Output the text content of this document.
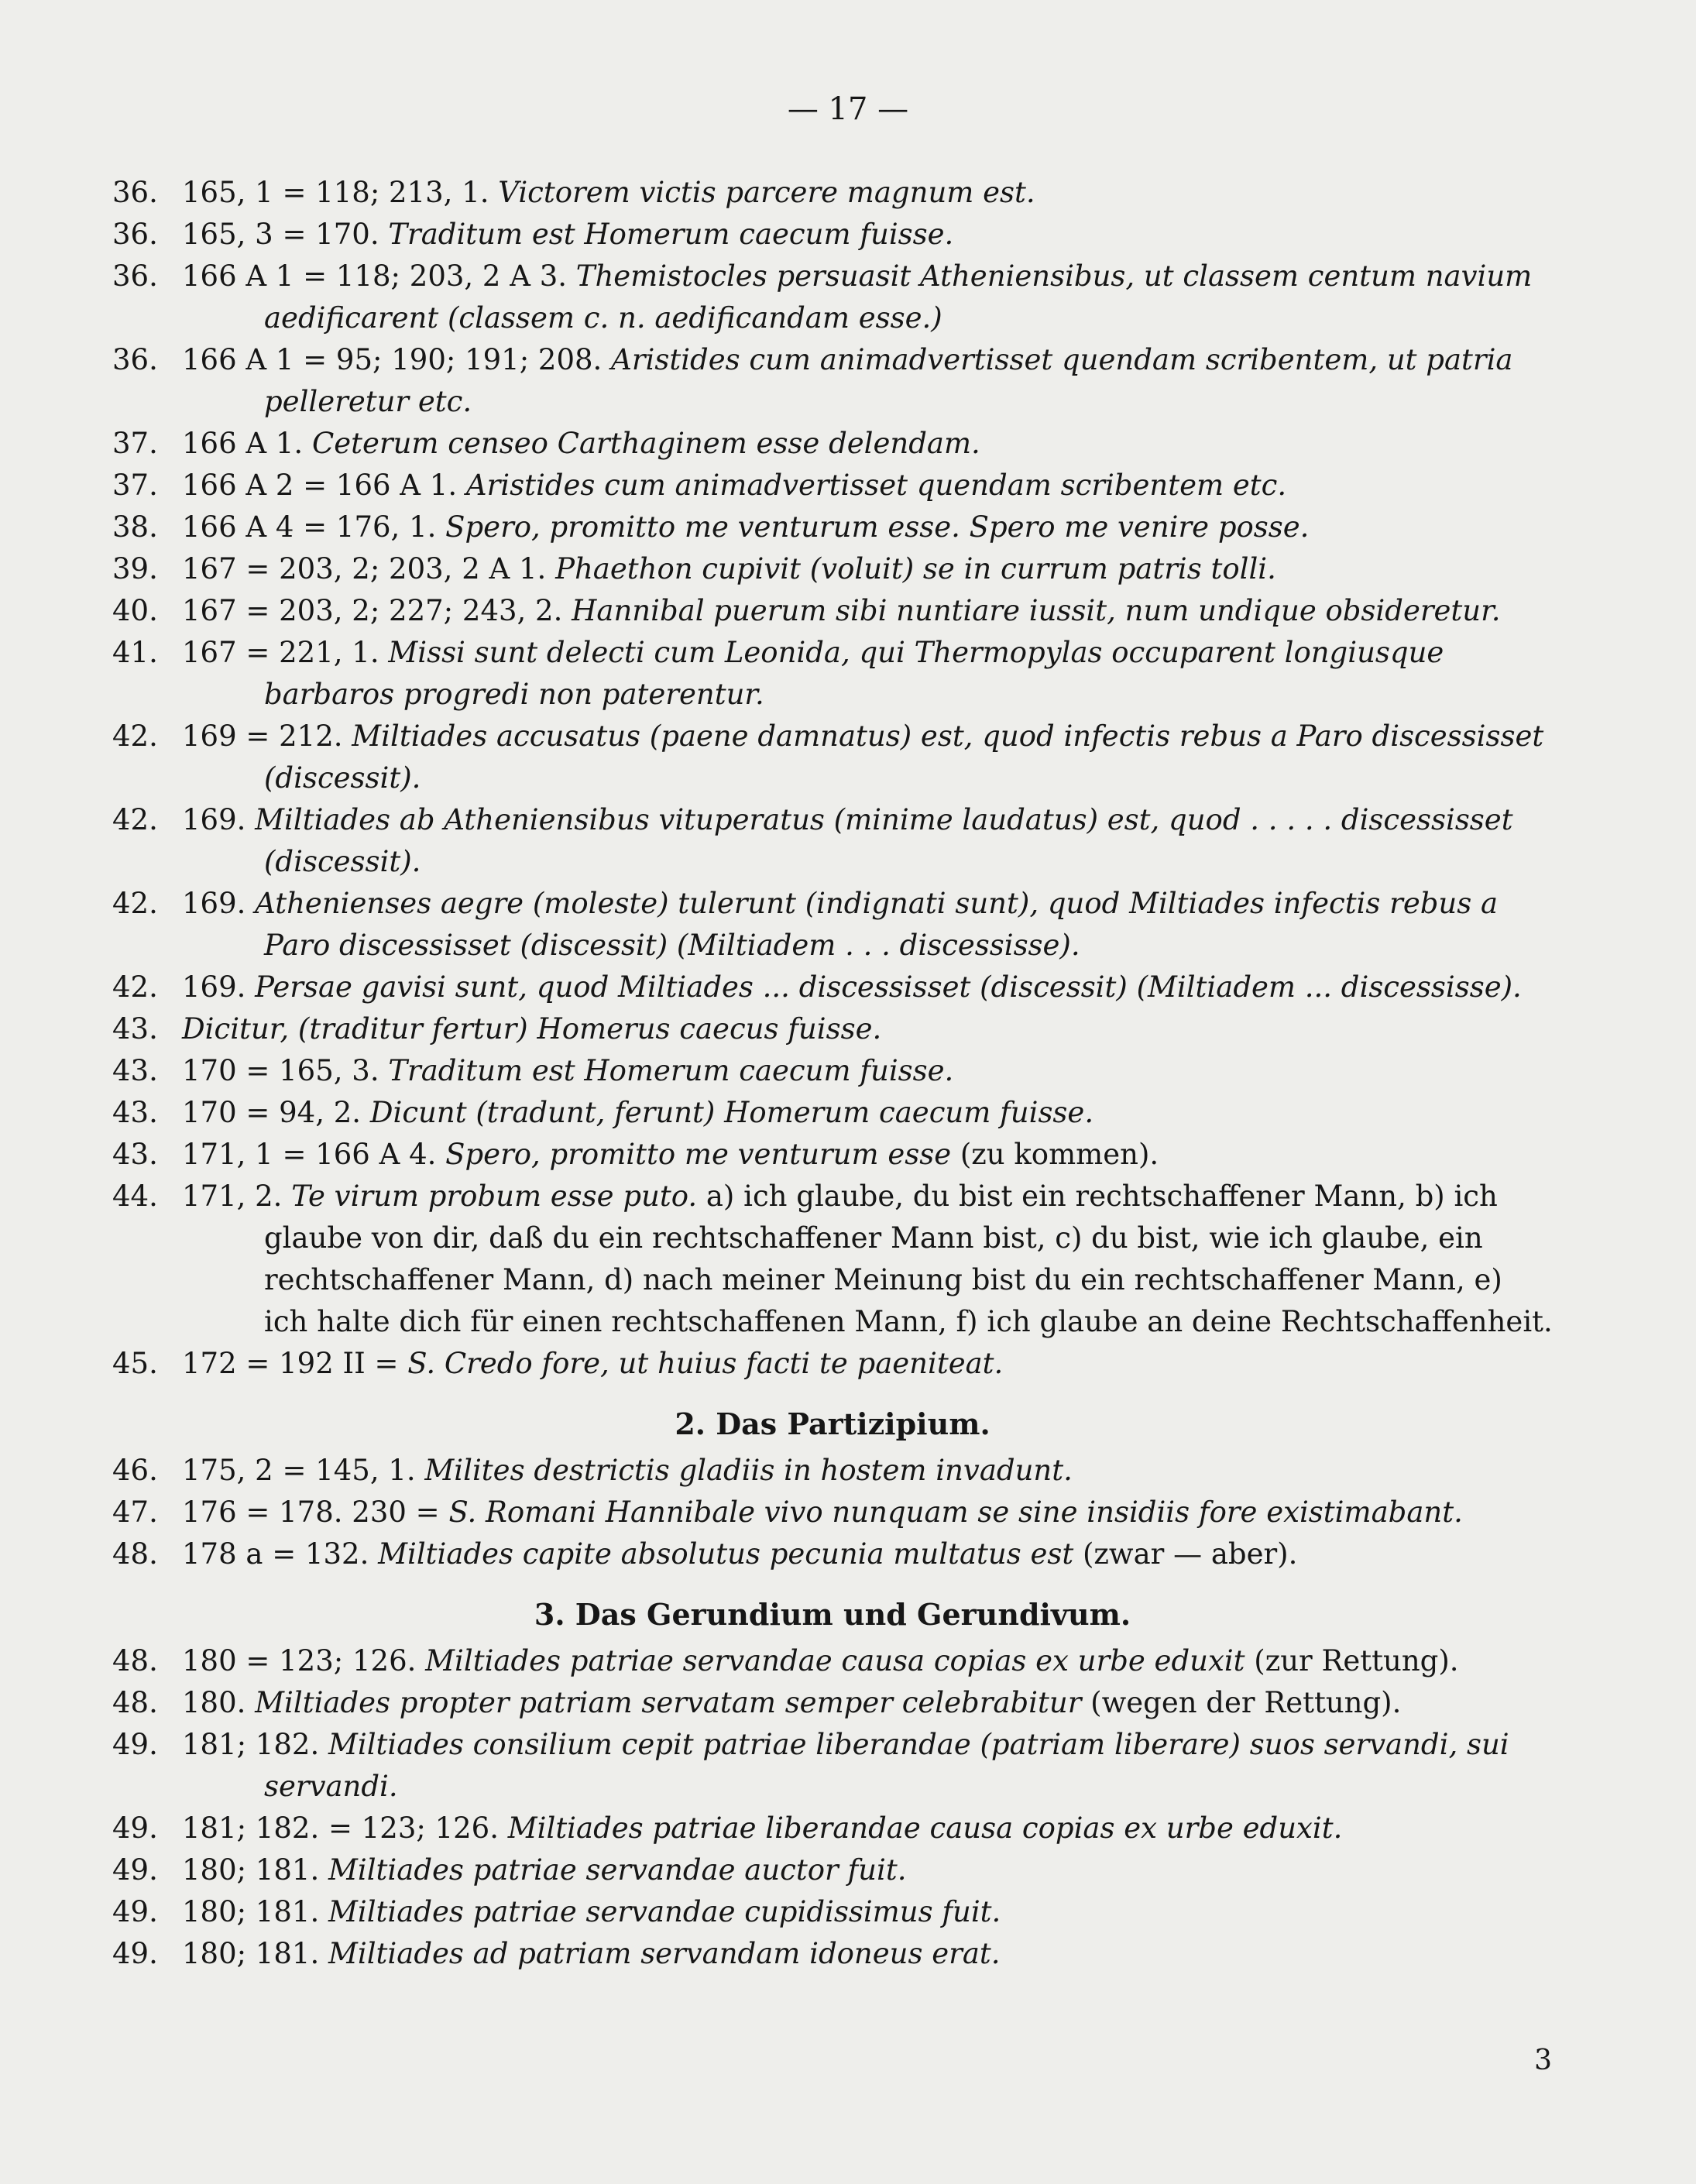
— 17 —
36. 165, 1 = 118; 213, 1. Victorem victis parcere magnum est.
36. 165, 3 = 170. Traditum est Homerum caecum fuisse.
36. 166 A 1 = 118; 203, 2 A 3. Themistocles persuasit Atheniensibus, ut classem centum navium aedificarent (classem c. n. aedificandam esse.)
36. 166 A 1 = 95; 190; 191; 208. Aristides cum animadvertisset quendam scribentem, ut patria pelleretur etc.
37. 166 A 1. Ceterum censeo Carthaginem esse delendam.
37. 166 A 2 = 166 A 1. Aristides cum animadvertisset quendam scribentem etc.
38. 166 A 4 = 176, 1. Spero, promitto me venturum esse. Spero me venire posse.
39. 167 = 203, 2; 203, 2 A 1. Phaethon cupivit (voluit) se in currum patris tolli.
40. 167 = 203, 2; 227; 243, 2. Hannibal puerum sibi nuntiare iussit, num undique obsideretur.
41. 167 = 221, 1. Missi sunt delecti cum Leonida, qui Thermopylas occuparent longiusque barbaros progredi non paterentur.
42. 169 = 212. Miltiades accusatus (paene damnatus) est, quod infectis rebus a Paro discessisset (discessit).
42. 169. Miltiades ab Atheniensibus vituperatus (minime laudatus) est, quod . . . . . discessisset (discessit).
42. 169. Athenienses aegre (moleste) tulerunt (indignati sunt), quod Miltiades infectis rebus a Paro discessisset (discessit) (Miltiadem . . . discessisse).
42. 169. Persae gavisi sunt, quod Miltiades ... discessisset (discessit) (Miltiadem ... discessisse).
43. Dicitur, (traditur fertur) Homerus caecus fuisse.
43. 170 = 165, 3. Traditum est Homerum caecum fuisse.
43. 170 = 94, 2. Dicunt (tradunt, ferunt) Homerum caecum fuisse.
43. 171, 1 = 166 A 4. Spero, promitto me venturum esse (zu kommen).
44. 171, 2. Te virum probum esse puto. a) ich glaube, du bist ein rechtschaffener Mann, b) ich glaube von dir, daß du ein rechtschaffener Mann bist, c) du bist, wie ich glaube, ein rechtschaffener Mann, d) nach meiner Meinung bist du ein rechtschaffener Mann, e) ich halte dich für einen rechtschaffenen Mann, f) ich glaube an deine Rechtschaffenheit.
45. 172 = 192 II = S. Credo fore, ut huius facti te paeniteat.
2. Das Partizipium.
46. 175, 2 = 145, 1. Milites destrictis gladiis in hostem invadunt.
47. 176 = 178. 230 = S. Romani Hannibale vivo nunquam se sine insidiis fore existimabant.
48. 178 a = 132. Miltiades capite absolutus pecunia multatus est (zwar — aber).
3. Das Gerundium und Gerundivum.
48. 180 = 123; 126. Miltiades patriae servandae causa copias ex urbe eduxit (zur Rettung).
48. 180. Miltiades propter patriam servatam semper celebrabitur (wegen der Rettung).
49. 181; 182. Miltiades consilium cepit patriae liberandae (patriam liberare) suos servandi, sui servandi.
49. 181; 182. = 123; 126. Miltiades patriae liberandae causa copias ex urbe eduxit.
49. 180; 181. Miltiades patriae servandae auctor fuit.
49. 180; 181. Miltiades patriae servandae cupidissimus fuit.
49. 180; 181. Miltiades ad patriam servandam idoneus erat.
3
